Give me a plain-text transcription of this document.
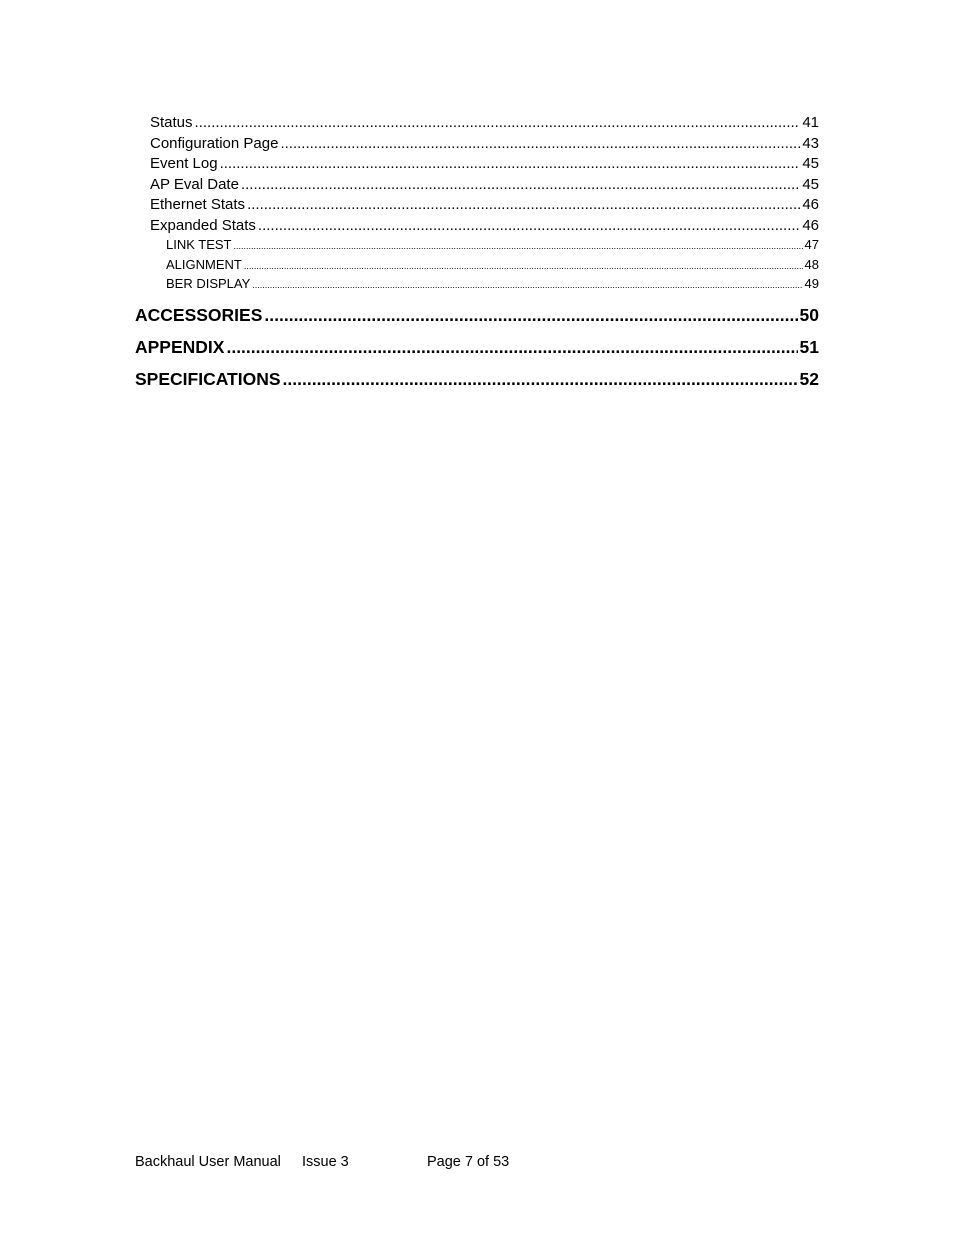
Status .....	41
Configuration Page .....	43
Event Log .....	45
AP Eval Date .....	45
Ethernet Stats .....	46
Expanded Stats .....	46
LINK TEST .....	47
ALIGNMENT .....	48
BER DISPLAY .....	49
ACCESSORIES .....	50
APPENDIX .....	51
SPECIFICATIONS .....	52
Backhaul User Manual Issue 3	Page 7 of 53
